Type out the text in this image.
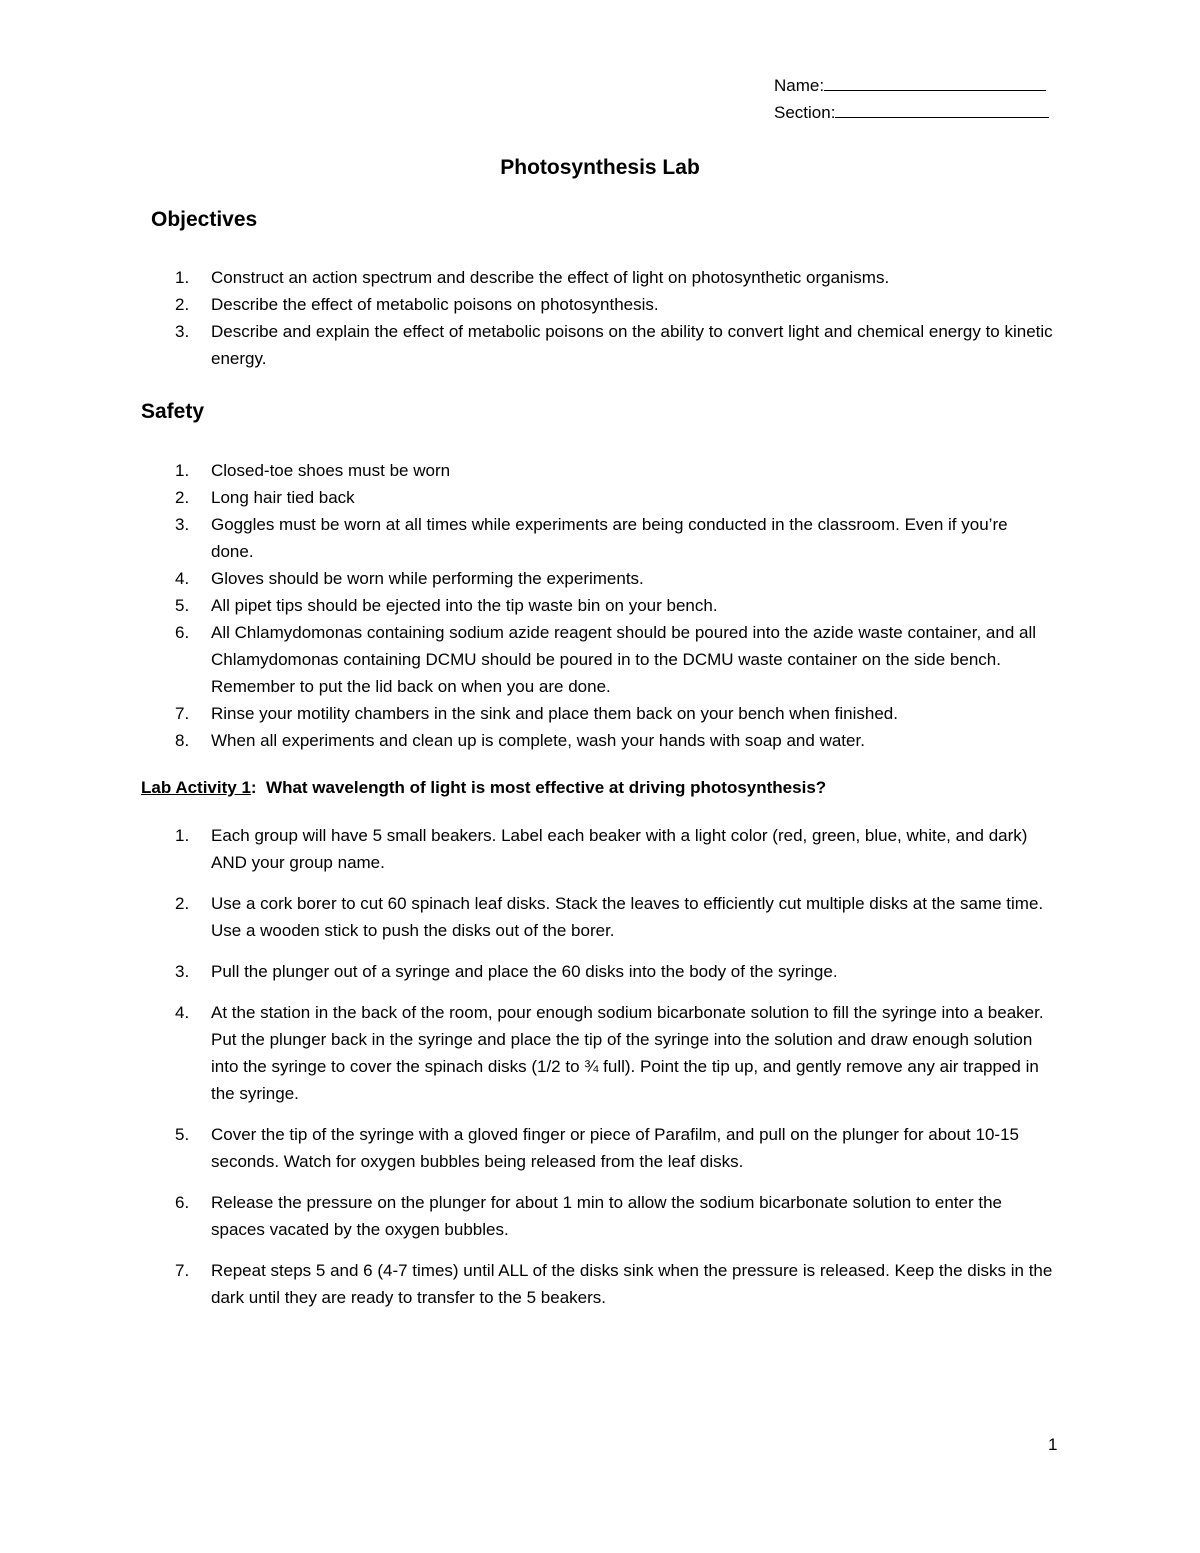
Name:
Section:
Photosynthesis Lab
Objectives
1. Construct an action spectrum and describe the effect of light on photosynthetic organisms.
2. Describe the effect of metabolic poisons on photosynthesis.
3. Describe and explain the effect of metabolic poisons on the ability to convert light and chemical energy to kinetic energy.
Safety
1. Closed-toe shoes must be worn
2. Long hair tied back
3. Goggles must be worn at all times while experiments are being conducted in the classroom. Even if you’re done.
4. Gloves should be worn while performing the experiments.
5. All pipet tips should be ejected into the tip waste bin on your bench.
6. All Chlamydomonas containing sodium azide reagent should be poured into the azide waste container, and all Chlamydomonas containing DCMU should be poured in to the DCMU waste container on the side bench. Remember to put the lid back on when you are done.
7. Rinse your motility chambers in the sink and place them back on your bench when finished.
8. When all experiments and clean up is complete, wash your hands with soap and water.
Lab Activity 1: What wavelength of light is most effective at driving photosynthesis?
1. Each group will have 5 small beakers. Label each beaker with a light color (red, green, blue, white, and dark) AND your group name.
2. Use a cork borer to cut 60 spinach leaf disks. Stack the leaves to efficiently cut multiple disks at the same time. Use a wooden stick to push the disks out of the borer.
3. Pull the plunger out of a syringe and place the 60 disks into the body of the syringe.
4. At the station in the back of the room, pour enough sodium bicarbonate solution to fill the syringe into a beaker. Put the plunger back in the syringe and place the tip of the syringe into the solution and draw enough solution into the syringe to cover the spinach disks (1/2 to ¾ full). Point the tip up, and gently remove any air trapped in the syringe.
5. Cover the tip of the syringe with a gloved finger or piece of Parafilm, and pull on the plunger for about 10-15 seconds. Watch for oxygen bubbles being released from the leaf disks.
6. Release the pressure on the plunger for about 1 min to allow the sodium bicarbonate solution to enter the spaces vacated by the oxygen bubbles.
7. Repeat steps 5 and 6 (4-7 times) until ALL of the disks sink when the pressure is released. Keep the disks in the dark until they are ready to transfer to the 5 beakers.
1
